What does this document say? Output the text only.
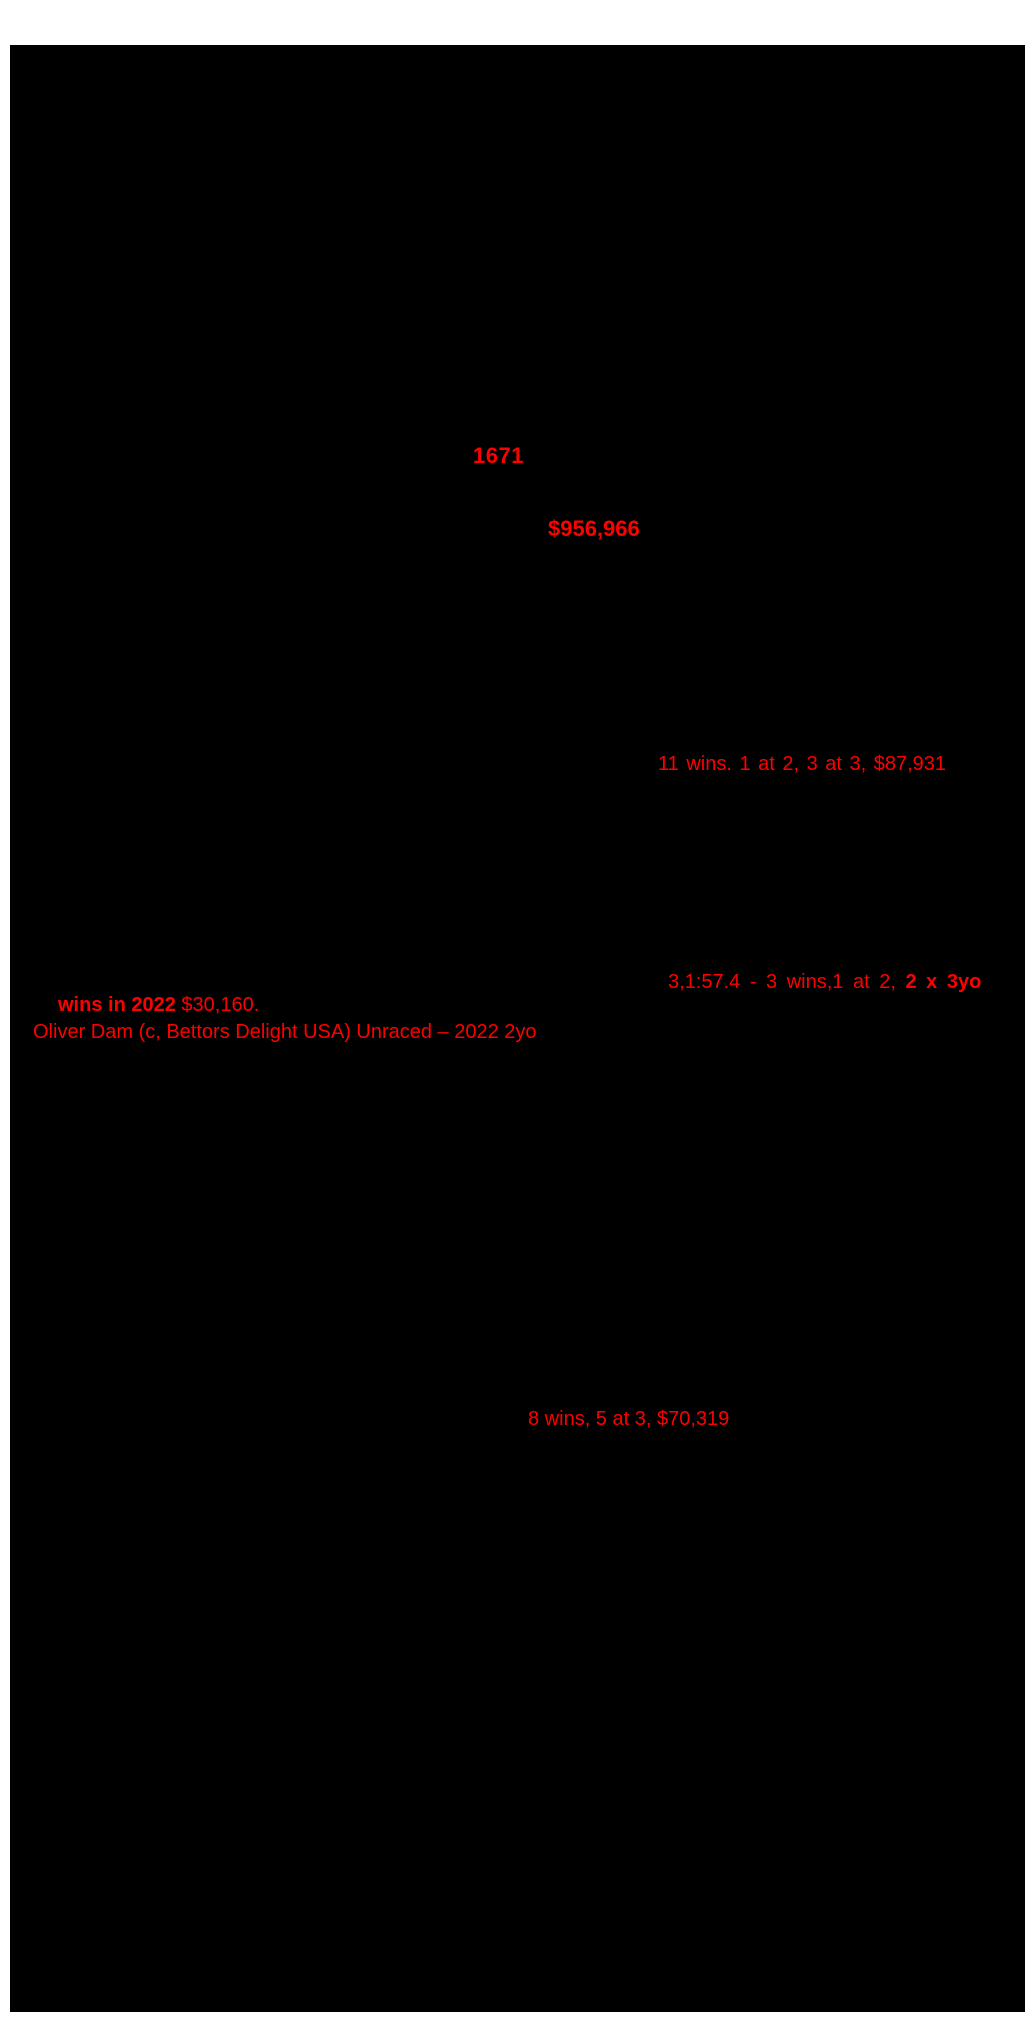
1671
$956,966
11 wins. 1 at 2, 3 at 3, $87,931
3,1:57.4 - 3 wins,1 at 2, 2 x 3yo
wins in 2022 $30,160.
Oliver Dam (c, Bettors Delight USA) Unraced – 2022 2yo
8 wins, 5 at 3, $70,319
